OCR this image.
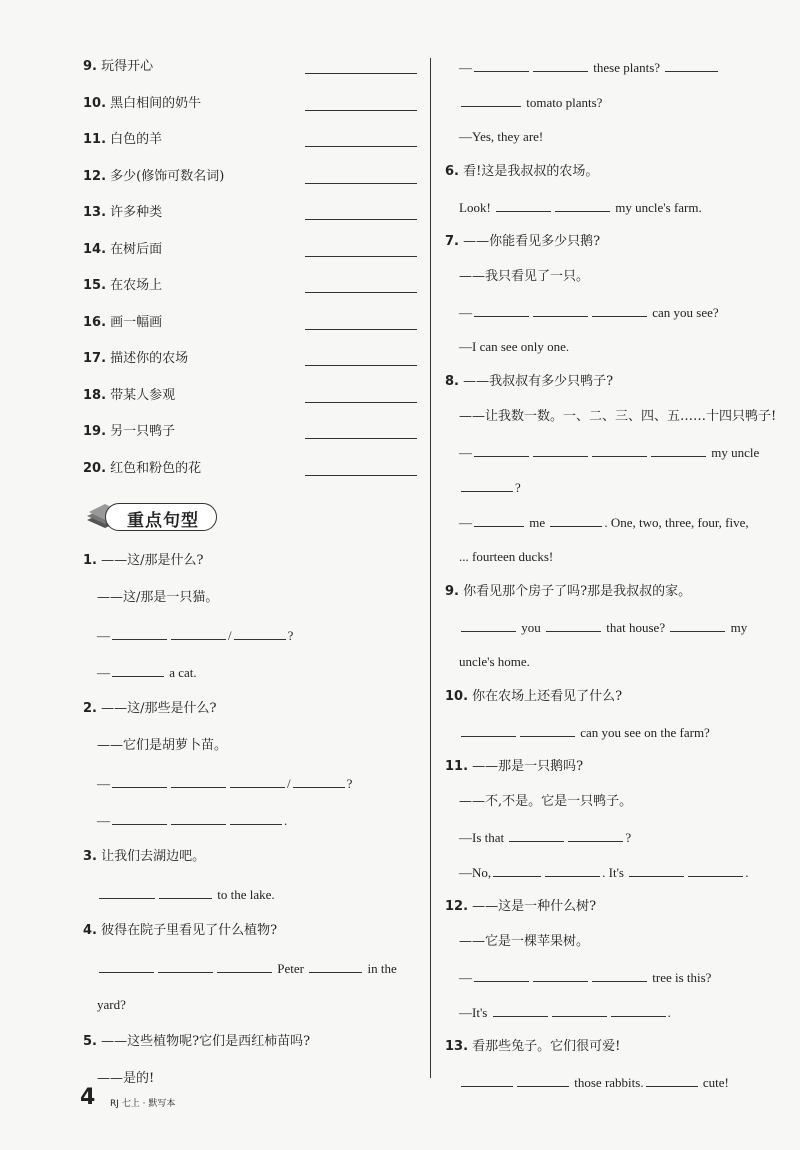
9. 玩得开心
10. 黑白相间的奶牛
11. 白色的羊
12. 多少(修饰可数名词)
13. 许多种类
14. 在树后面
15. 在农场上
16. 画一幅画
17. 描述你的农场
18. 带某人参观
19. 另一只鸭子
20. 红色和粉色的花
重点句型
1. ——这/那是什么?
——这/那是一只猫。
—	/	?
—	a cat.
2. ——这/那些是什么?
——它们是胡萝卜苗。
—	/	?
—	.
3. 让我们去湖边吧。
to the lake.
4. 彼得在院子里看见了什么植物?
Peter	in the
yard?
5. ——这些植物呢?它们是西红柿苗吗?
——是的!
—	these plants?
tomato plants?
—Yes, they are!
6. 看!这是我叔叔的农场。
Look!	my uncle's farm.
7. ——你能看见多少只鹅?
——我只看见了一只。
—	can you see?
—I can see only one.
8. ——我叔叔有多少只鸭子?
——让我数一数。一、二、三、四、五……十四只鸭子!
—	my uncle
?
—	me	. One, two, three, four, five,
... fourteen ducks!
9. 你看见那个房子了吗?那是我叔叔的家。
you	that house?	my
uncle's home.
10. 你在农场上还看见了什么?
can you see on the farm?
11. ——那是一只鹅吗?
——不,不是。它是一只鸭子。
—Is that	?
—No,	. It's	.
12. ——这是一种什么树?
——它是一棵苹果树。
—	tree is this?
—It's	.
13. 看那些兔子。它们很可爱!
those rabbits.	cute!
4 RJ 七上 · 默写本
